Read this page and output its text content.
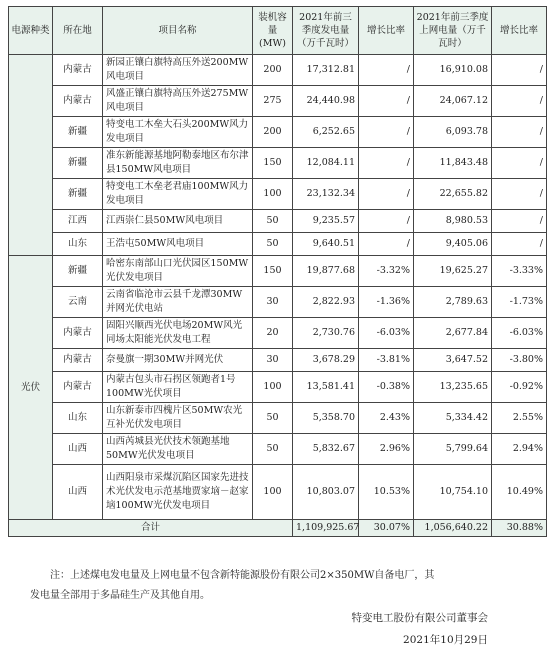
电源种类	所在地	项目名称	装机容量(MW)	2021年前三季度发电量（万千瓦时）	增长比率	2021年前三季度上网电量（万千瓦时）	增长比率
	内蒙古	新园正镶白旗特高压外送200MW风电项目	200	17,312.81	/	16,910.08	/
	内蒙古	风盛正镶白旗特高压外送275MW风电项目	275	24,440.98	/	24,067.12	/
	新疆	特变电工木垒大石头200MW风力发电项目	200	6,252.65	/	6,093.78	/
	新疆	准东新能源基地阿勒泰地区布尔津县150MW风电项目	150	12,084.11	/	11,843.48	/
	新疆	特变电工木垒老君庙100MW风力发电项目	100	23,132.34	/	22,655.82	/
	江西	江西崇仁县50MW风电项目	50	9,235.57	/	8,980.53	/
	山东	王浩屯50MW风电项目	50	9,640.51	/	9,405.06	/
光伏	新疆	哈密东南部山口光伏园区150MW光伏发电项目	150	19,877.68	-3.32%	19,625.27	-3.33%
	云南	云南省临沧市云县千龙潭30MW并网光伏电站	30	2,822.93	-1.36%	2,789.63	-1.73%
	内蒙古	固阳兴顺西光伏电场20MW风光同场太阳能光伏发电工程	20	2,730.76	-6.03%	2,677.84	-6.03%
	内蒙古	奈曼旗一期30MW并网光伏	30	3,678.29	-3.81%	3,647.52	-3.80%
	内蒙古	内蒙古包头市石拐区领跑者1号100MW光伏项目	100	13,581.41	-0.38%	13,235.65	-0.92%
	山东	山东新泰市四槐片区50MW农光互补光伏发电项目	50	5,358.70	2.43%	5,334.42	2.55%
	山西	山西芮城县光伏技术领跑基地50MW光伏发电项目	50	5,832.67	2.96%	5,799.64	2.94%
	山西	山西阳泉市采煤沉陷区国家先进技术光伏发电示范基地贾家垴－赵家垴100MW光伏发电项目	100	10,803.07	10.53%	10,754.10	10.49%
合计				1,109,925.67	30.07%	1,056,640.22	30.88%

注：上述煤电发电量及上网电量不包含新特能源股份有限公司2×350MW自备电厂，其

发电量全部用于多晶硅生产及其他自用。

特变电工股份有限公司董事会
2021年10月29日
